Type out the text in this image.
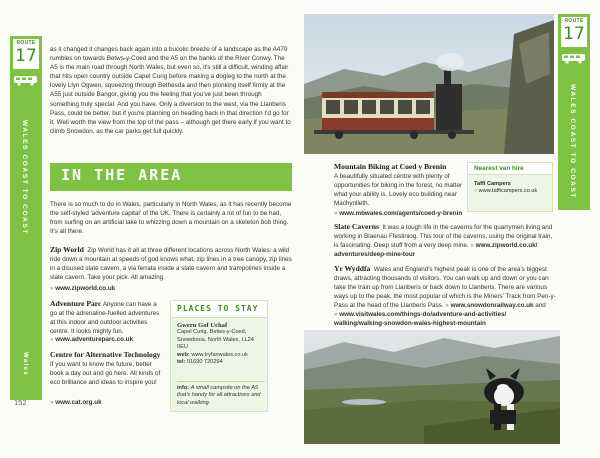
ROUTE
17
WALES COAST TO COAST
Wales
152

as it changed it changes back again into a bucolic breeze of a landscape as the A470 rumbles on towards Betws-y-Coed and the A5 on the banks of the River Conwy. The A5 is the main road through North Wales, but even so, it's still a difficult, winding affair that hits open country outside Capel Curig before making a dogleg to the north at the lovely Llyn Ogwen, squeezing through Bethesda and then plonking itself firmly at the A55 just outside Bangor, giving you the feeling that you've just been through something truly special. And you have. Only a diversion to the west, via the Llanberis Pass, could be better, but if you're planning on heading back in that direction I'd go for it. Well worth the view from the top of the pass – although get there early if you want to climb Snowdon, as the car parks get full quickly.

IN THE AREA

There is so much to do in Wales, particularly in North Wales, as it has recently become the self-styled 'adventure capital' of the UK. There is certainly a lot of fun to be had, from surfing on an artificial lake to whizzing down a mountain on a skeleton bob thing. It's all there.

Zip World Zip World has it all at three different locations across North Wales: a wild ride down a mountain at speeds of god knows what, zip lines in a tree canopy, zip lines in a disused slate cavern, a via ferrata inside a slate cavern and trampolines inside a slate cavern. Take your pick. All amazing.

» www.zipworld.co.uk

Adventure Parc Anyone can have a go at the adrenaline-fuelled adventures at this indoor and outdoor activities centre. It looks mighty fun.

» www.adventureparc.co.uk

Centre for Alternative Technology If you want to know the future, better book a day out and go here. All kinds of eco brilliance and ideas to inspire you!

» www.cat.org.uk
PLACES TO STAY
Gwern Gof Uchaf
Capel Curig, Betws-y-Coed,
Snowdonia, North Wales, LL24 0EU
web: www.tryfanwales.co.uk
tel: 01690 720294
info: A small campsite on the A5 that's handy for all attractions and local walking.
ROUTE
17
WALES COAST TO COAST

Mountain Biking at Coed y Brenin
A beautifully situated centre with plenty of opportunities for biking in the forest, no matter what your ability is. Lovely eco building near Machynlleth.

» www.mbwales.com/agents/coed-y-brenin
Nearest van hire
Taffi Campers
» www.tafficampers.co.uk

Slate Caverns It was a tough life in the caverns for the quarrymen living and working in Blaenau Ffestiniog. This tour of the caverns, using the original train, is fascinating. Deep stuff from a very deep mine. » www.zipworld.co.uk/

adventures/deep-mine-tour

Yr Wyddfa Wales and England's highest peak is one of the area's biggest draws, attracting thousands of visitors. You can walk up and down or you can take the train up from Llanberis or back down to Llanberis. There are various ways up to the peak, the most popular of which is the Miners' Track from Pen-y-Pass at the head of the Llanberis Pass. » www.snowdonrailway.co.uk and

» www.visitwales.com/things-do/adventure-and-activities/
walking/walking-snowdon-wales-highest-mountain
